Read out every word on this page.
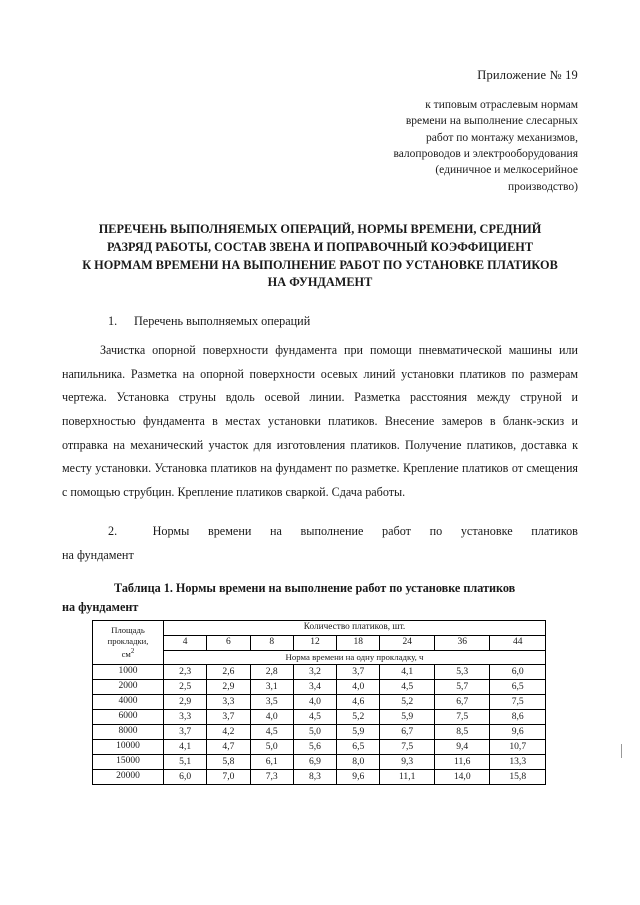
Приложение № 19
к типовым отраслевым нормам
времени на выполнение слесарных
работ по монтажу механизмов,
валопроводов и электрооборудования
(единичное и мелкосерийное
производство)
ПЕРЕЧЕНЬ ВЫПОЛНЯЕМЫХ ОПЕРАЦИЙ, НОРМЫ ВРЕМЕНИ, СРЕДНИЙ
РАЗРЯД РАБОТЫ, СОСТАВ ЗВЕНА И ПОПРАВОЧНЫЙ КОЭФФИЦИЕНТ
К НОРМАМ ВРЕМЕНИ НА ВЫПОЛНЕНИЕ РАБОТ ПО УСТАНОВКЕ ПЛАТИКОВ
НА ФУНДАМЕНТ
1.	Перечень выполняемых операций

Зачистка опорной поверхности фундамента при помощи пневматической машины или напильника. Разметка на опорной поверхности осевых линий установки платиков по размерам чертежа. Установка струны вдоль осевой линии. Разметка расстояния между струной и поверхностью фундамента в местах установки платиков. Внесение замеров в бланк-эскиз и отправка на механический участок для изготовления платиков. Получение платиков, доставка к месту установки. Установка платиков на фундамент по разметке. Крепление платиков от смещения с помощью струбцин. Крепление платиков сваркой. Сдача работы.

2.	Нормы времени на выполнение работ по установке платиков
на фундамент
Таблица 1. Нормы времени на выполнение работ по установке платиков
на фундамент
Площадь
прокладки,
$см^2$	Количество платиков, шт.							
	4	6	8	12	18	24	36	44
	Норма времени на одну прокладку, ч							
1000	2,3	2,6	2,8	3,2	3,7	4,1	5,3	6,0
2000	2,5	2,9	3,1	3,4	4,0	4,5	5,7	6,5
4000	2,9	3,3	3,5	4,0	4,6	5,2	6,7	7,5
6000	3,3	3,7	4,0	4,5	5,2	5,9	7,5	8,6
8000	3,7	4,2	4,5	5,0	5,9	6,7	8,5	9,6
10000	4,1	4,7	5,0	5,6	6,5	7,5	9,4	10,7
15000	5,1	5,8	6,1	6,9	8,0	9,3	11,6	13,3
20000	6,0	7,0	7,3	8,3	9,6	11,1	14,0	15,8
